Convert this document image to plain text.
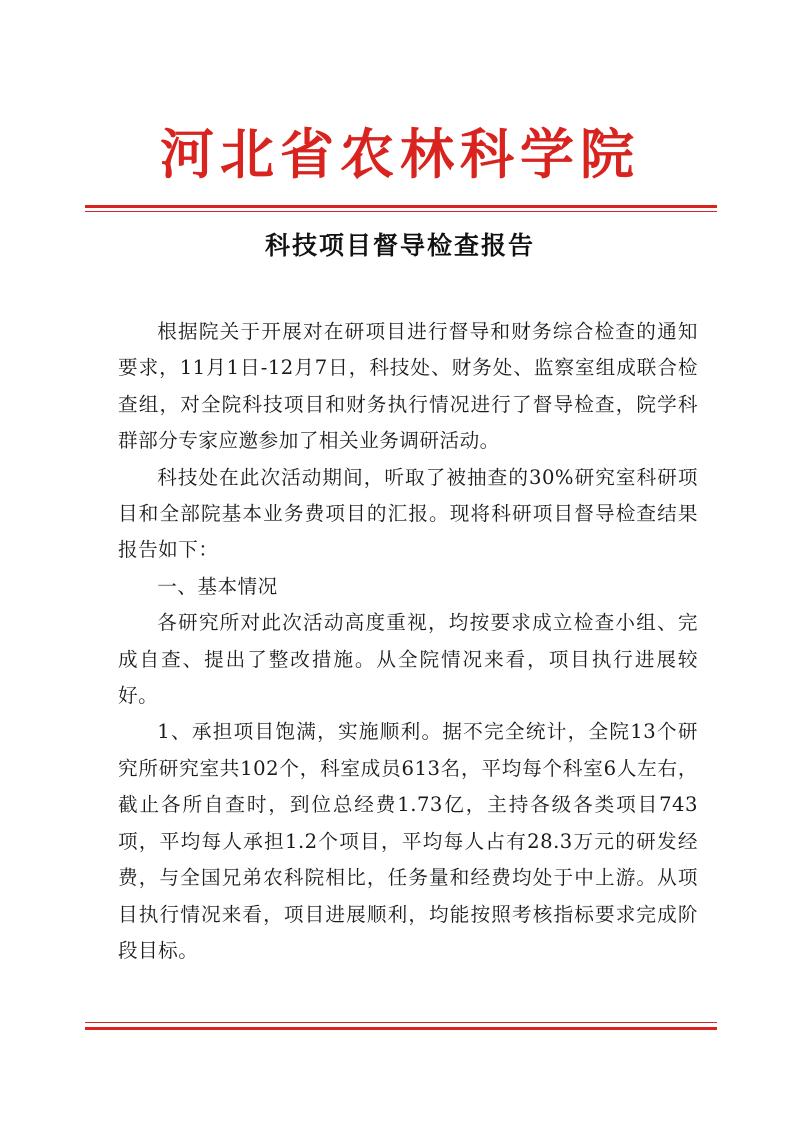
河北省农林科学院
科技项目督导检查报告

根据院关于开展对在研项目进行督导和财务综合检查的通知要求，11月1日-12月7日，科技处、财务处、监察室组成联合检查组，对全院科技项目和财务执行情况进行了督导检查，院学科群部分专家应邀参加了相关业务调研活动。

科技处在此次活动期间，听取了被抽查的30%研究室科研项目和全部院基本业务费项目的汇报。现将科研项目督导检查结果报告如下：

一、基本情况

各研究所对此次活动高度重视，均按要求成立检查小组、完成自查、提出了整改措施。从全院情况来看，项目执行进展较好。

1、承担项目饱满，实施顺利。据不完全统计，全院13个研究所研究室共102个，科室成员613名，平均每个科室6人左右，截止各所自查时，到位总经费1.73亿，主持各级各类项目743项，平均每人承担1.2个项目，平均每人占有28.3万元的研发经费，与全国兄弟农科院相比，任务量和经费均处于中上游。从项目执行情况来看，项目进展顺利，均能按照考核指标要求完成阶段目标。
